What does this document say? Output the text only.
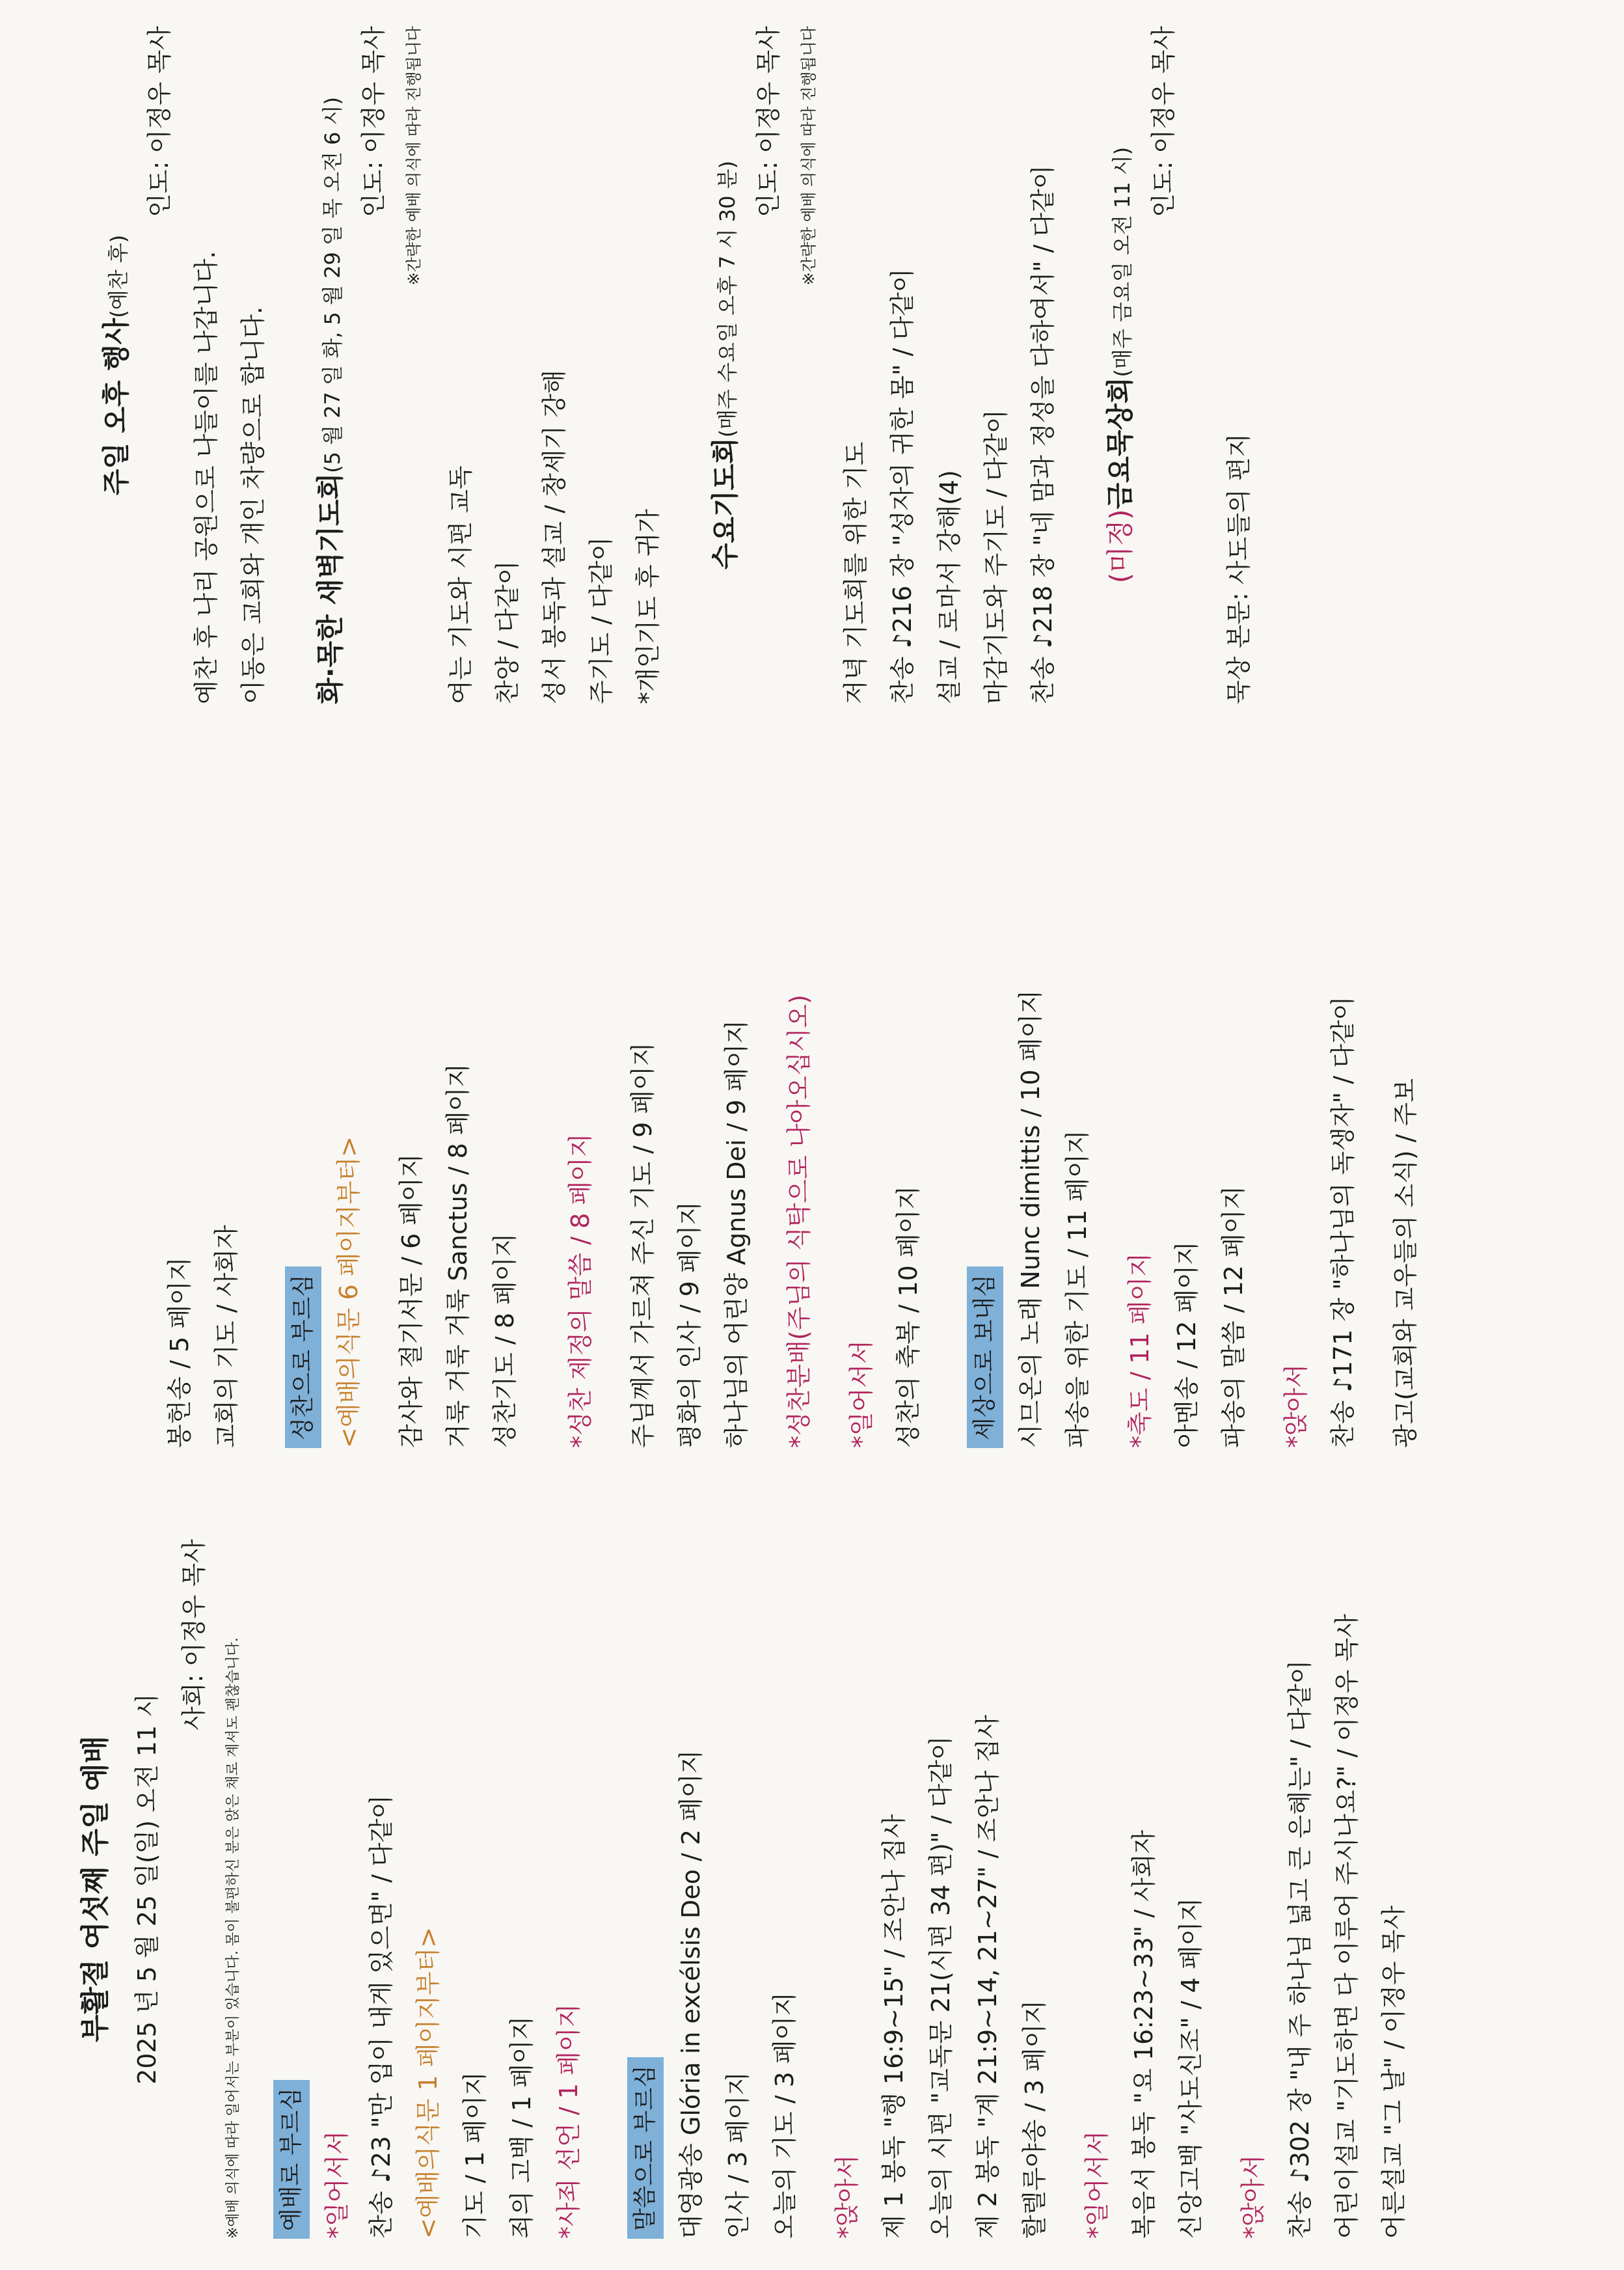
부활절 여섯째 주일 예배 2025 년 5 월 25 일(일) 오전 11 시
사회: 이정우 목사
※예배 의식에 따라 일어서는 부분이 있습니다. 몸이 불편하신 분은 앉은 채로 계셔도 괜찮습니다. 예배로 부르심 *일어서서 찬송 ♪23 "만 입이 내게 있으면" / 다같이 <예배의식문 1 페이지부터> 기도 / 1 페이지 죄의 고백 / 1 페이지 *사죄 선언 / 1 페이지 말씀으로 부르심 대영광송 Glória in excélsis Deo / 2 페이지 인사 / 3 페이지 오늘의 기도 / 3 페이지 *앉아서 제 1 봉독 "행 16:9~15" / 조안나 집사 오늘의 시편 "교독문 21(시편 34 편)" / 다같이 제 2 봉독 "계 21:9~14, 21~27" / 조안나 집사 할렐루야송 / 3 페이지 *일어서서 복음서 봉독 "요 16:23~33" / 사회자 신앙고백 "사도신조" / 4 페이지 *앉아서 찬송 ♪302 장 "내 주 하나님 넓고 큰 은혜는" / 다같이 어린이설교 "기도하면 다 이루어 주시나요?" / 이정우 목사 어른설교 "그 날" / 이정우 목사
봉헌송 / 5 페이지 교회의 기도 / 사회자 성찬으로 부르심 <예배의식문 6 페이지부터> 감사와 절기서문 / 6 페이지 거룩 거룩 거룩 Sanctus / 8 페이지 성찬기도 / 8 페이지 *성찬 제정의 말씀 / 8 페이지 주님께서 가르쳐 주신 기도 / 9 페이지 평화의 인사 / 9 페이지 하나님의 어린양 Agnus Dei / 9 페이지 *성찬분배(주님의 식탁으로 나아오십시오) *일어서서 성찬의 축복 / 10 페이지 세상으로 보내심 시므온의 노래 Nunc dimittis / 10 페이지 파송을 위한 기도 / 11 페이지 *축도 / 11 페이지 아멘송 / 12 페이지 파송의 말씀 / 12 페이지 *앉아서 찬송 ♪171 장 "하나님의 독생자" / 다같이 광고(교회와 교우들의 소식) / 주보
주일 오후 행사(예찬 후)
인도: 이정우 목사
예찬 후 나리 공원으로 나들이를 나갑니다. 이동은 교회와 개인 차량으로 합니다. 화·목한 새벽기도회(5 월 27 일 화, 5 월 29 일 목 오전 6 시) 인도: 이정우 목사 ※간략한 예배 의식에 따라 진행됩니다
여는 기도와 시편 교독 찬양 / 다같이 성서 봉독과 설교 / 창세기 강해 주기도 / 다같이 *개인기도 후 귀가
수요기도회(매주 수요일 오후 7 시 30 분)
인도: 이정우 목사 ※간략한 예배 의식에 따라 진행됩니다
저녁 기도회를 위한 기도 찬송 ♪216 장 "성자의 귀한 몸" / 다같이 설교 / 로마서 강해(4) 마감기도와 주기도 / 다같이 찬송 ♪218 장 "네 맘과 정성을 다하여서" / 다같이 (미정)금요묵상회(매주 금요일 오전 11 시)
인도: 이정우 목사
묵상 본문: 사도들의 편지
